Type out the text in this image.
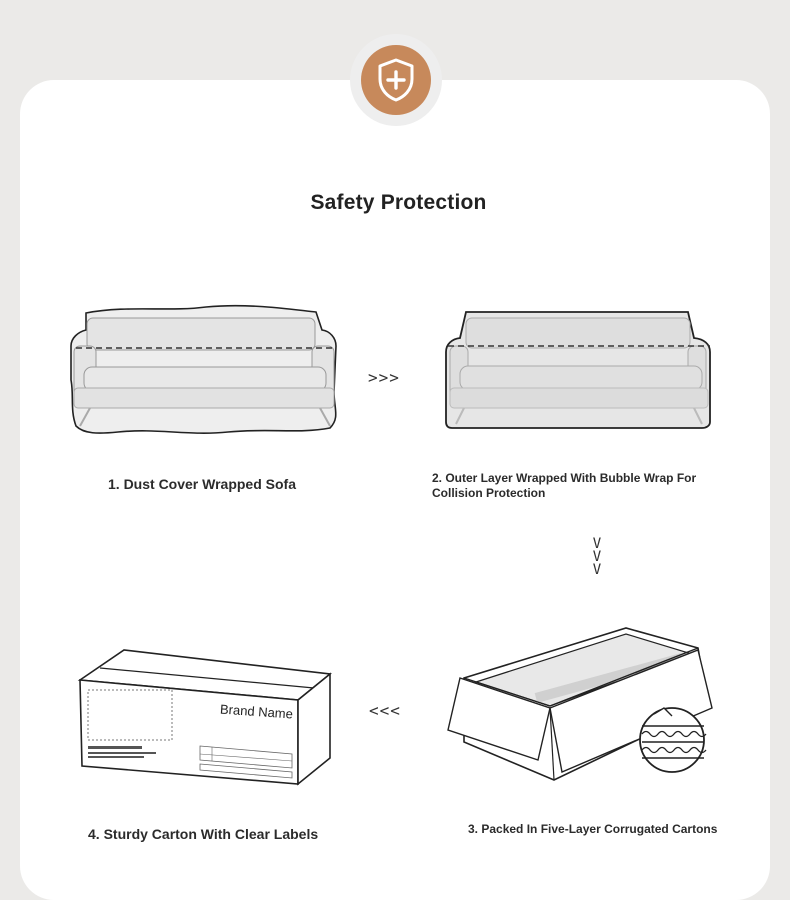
Safety Protection
1. Dust Cover Wrapped Sofa
>>>
2. Outer Layer Wrapped With Bubble Wrap For Collision Protection
V
V
V
3. Packed In Five-Layer Corrugated Cartons
<<<
Brand Name
4. Sturdy Carton With Clear Labels
